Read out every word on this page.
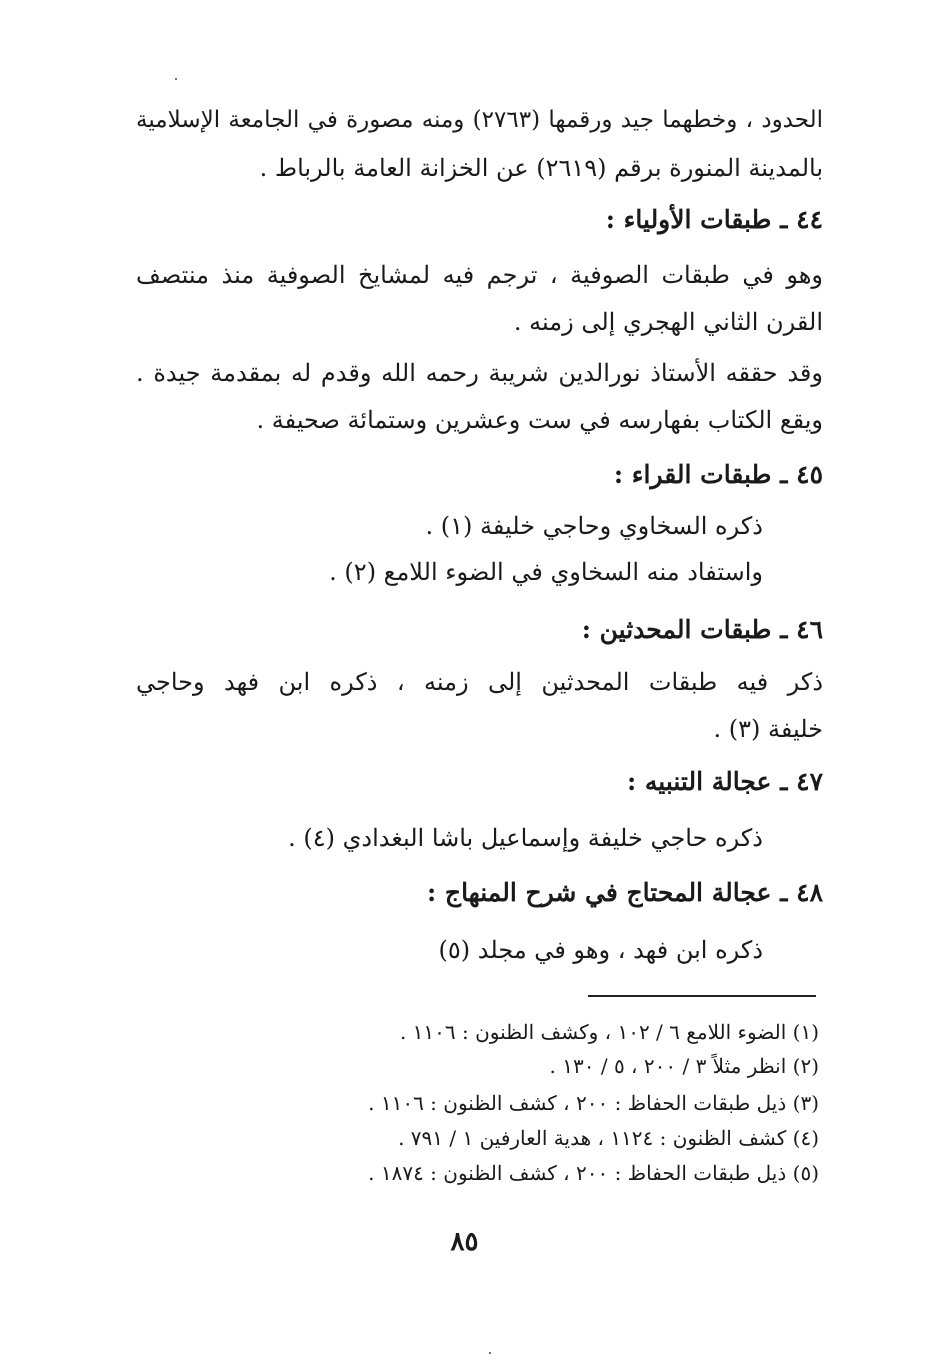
الحدود ، وخطهما جيد ورقمها (٢٧٦٣) ومنه مصورة في الجامعة الإسلامية
بالمدينة المنورة برقم (٢٦١٩) عن الخزانة العامة بالرباط .
٤٤ ـ طبقات الأولياء :
وهو في طبقات الصوفية ، ترجم فيه لمشايخ الصوفية منذ منتصف
القرن الثاني الهجري إلى زمنه .
وقد حققه الأستاذ نورالدين شريبة رحمه الله وقدم له بمقدمة جيدة .
ويقع الكتاب بفهارسه في ست وعشرين وستمائة صحيفة .
٤٥ ـ طبقات القراء :
ذكره السخاوي وحاجي خليفة (١) .
واستفاد منه السخاوي في الضوء اللامع (٢) .
٤٦ ـ طبقات المحدثين :
ذكر فيه طبقات المحدثين إلى زمنه ، ذكره ابن فهد وحاجي
خليفة (٣) .
٤٧ ـ عجالة التنبيه :
ذكره حاجي خليفة وإسماعيل باشا البغدادي (٤) .
٤٨ ـ عجالة المحتاج في شرح المنهاج :
ذكره ابن فهد ، وهو في مجلد (٥)
(١) الضوء اللامع ٦ / ١٠٢ ، وكشف الظنون : ١١٠٦ .
(٢) انظر مثلاً ٣ / ٢٠٠ ، ٥ / ١٣٠ .
(٣) ذيل طبقات الحفاظ : ٢٠٠ ، كشف الظنون : ١١٠٦ .
(٤) كشف الظنون : ١١٢٤ ، هدية العارفين ١ / ٧٩١ .
(٥) ذيل طبقات الحفاظ : ٢٠٠ ، كشف الظنون : ١٨٧٤ .
٨٥
